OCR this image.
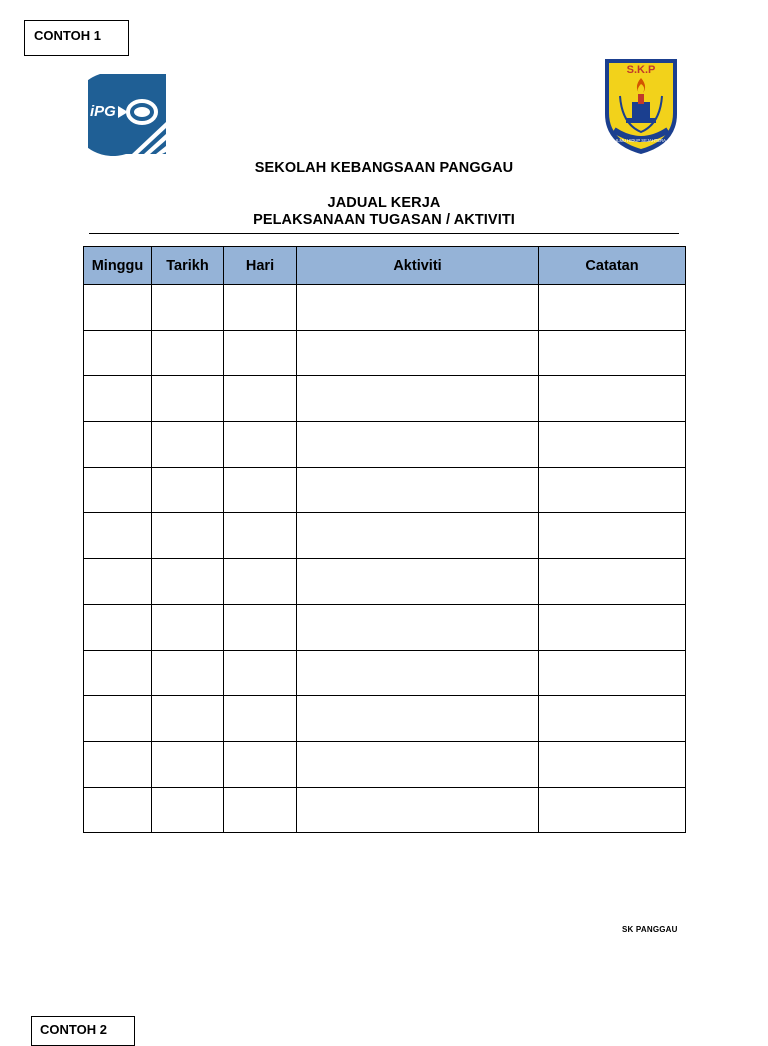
CONTOH 1
iPG
S.K.P
ILMU HIDUP SEJAHTERA
SEKOLAH KEBANGSAAN PANGGAU
JADUAL KERJA
PELAKSANAAN TUGASAN / AKTIVITI
Minggu	Tarikh	Hari	Aktiviti	Catatan

SK PANGGAU
CONTOH 2
